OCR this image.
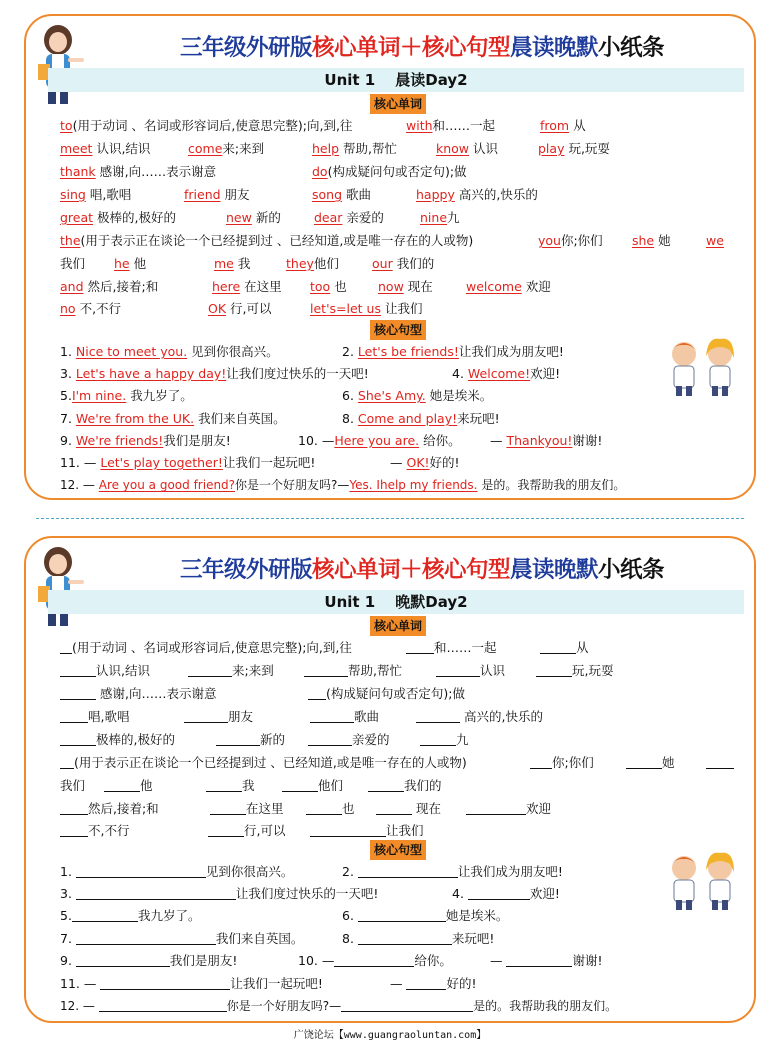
三年级外研版核心单词＋核心句型晨读晚默小纸条
Unit 1 晨读Day2
核心单词
to(用于动词 、名词或形容词后,使意思完整);向,到,往	with和……一起	from 从
meet 认识,结识	come来;来到	help 帮助,帮忙	know 认识	play 玩,玩耍
thank 感谢,向……表示谢意	do(构成疑问句或否定句);做
sing 唱,歌唱	friend 朋友	song 歌曲	happy 高兴的,快乐的
great 极棒的,极好的	new 新的	dear 亲爱的	nine九
the(用于表示正在谈论一个已经提到过 、已经知道,或是唯一存在的人或物)	you你;你们 she 她	we
我们 he 他	me 我	they他们	our 我们的
and 然后,接着;和	here 在这里 too 也	now 现在	welcome 欢迎
no 不,不行	OK 行,可以	let's=let us 让我们
核心句型
1. Nice to meet you. 见到你很高兴。	2. Let's be friends!让我们成为朋友吧!
3. Let's have a happy day!让我们度过快乐的一天吧!	4. Welcome!欢迎!
5.I'm nine. 我九岁了。	6. She's Amy. 她是埃米。
7. We're from the UK. 我们来自英国。	8. Come and play!来玩吧!
9. We're friends!我们是朋友!	10. —Here you are. 给你。 — Thankyou!谢谢!
11. — Let's play together!让我们一起玩吧!	— OK!好的!
12. — Are you a good friend?你是一个好朋友吗?—Yes. Ihelp my friends. 是的。我帮助我的朋友们。
三年级外研版核心单词＋核心句型晨读晚默小纸条
Unit 1 晚默Day2
核心单词
(用于动词 、名词或形容词后,使意思完整);向,到,往	和……一起	从
认识,结识	来;来到	帮助,帮忙	认识	玩,玩耍
感谢,向……表示谢意	(构成疑问句或否定句);做
唱,歌唱	朋友	歌曲	高兴的,快乐的
极棒的,极好的	新的	亲爱的	九
(用于表示正在谈论一个已经提到过 、已经知道,或是唯一存在的人或物)	你;你们	她
我们	他	我	他们	我们的
然后,接着;和	在这里	也	现在	欢迎
不,不行	行,可以	让我们
核心句型
1.	见到你很高兴。	2.	让我们成为朋友吧!
3.	让我们度过快乐的一天吧!	4.	欢迎!
5.	我九岁了。	6.	她是埃米。
7.	我们来自英国。	8.	来玩吧!
9.	我们是朋友!	10. —	给你。	—	谢谢!
11. —	让我们一起玩吧!	—	好的!
12. —	你是一个好朋友吗?—	是的。我帮助我的朋友们。
广饶论坛【www.guangraoluntan.com】
